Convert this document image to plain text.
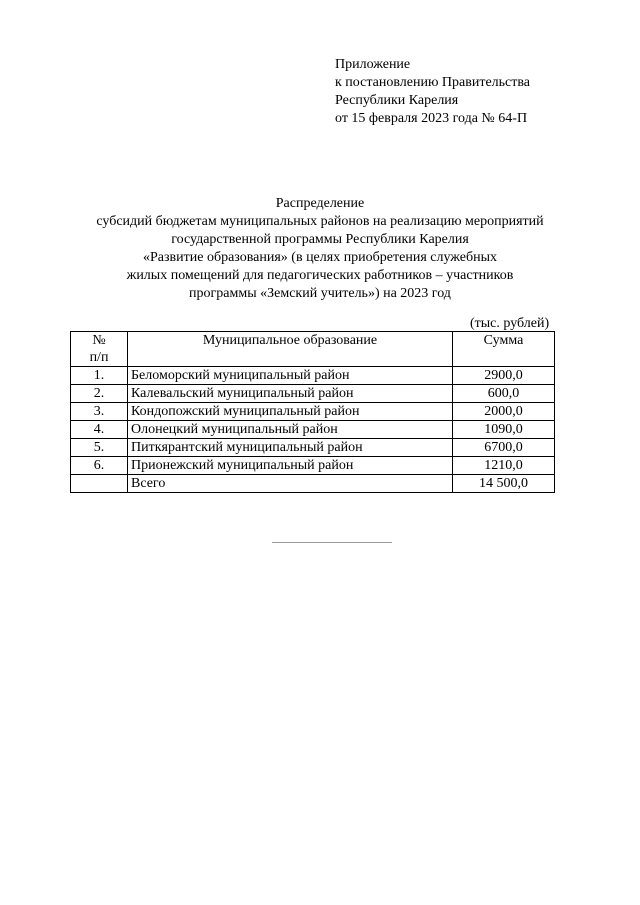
Приложение
к постановлению Правительства
Республики Карелия
от 15 февраля 2023 года № 64-П
Распределение
субсидий бюджетам муниципальных районов на реализацию мероприятий
государственной программы Республики Карелия
«Развитие образования» (в целях приобретения служебных
жилых помещений для педагогических работников – участников
программы «Земский учитель») на 2023 год
(тыс. рублей)
№
п/п	Муниципальное образование	Сумма
1.	Беломорский муниципальный район	2900,0
2.	Калевальский муниципальный район	600,0
3.	Кондопожский муниципальный район	2000,0
4.	Олонецкий муниципальный район	1090,0
5.	Питкярантский муниципальный район	6700,0
6.	Прионежский муниципальный район	1210,0
	Всего	14 500,0
